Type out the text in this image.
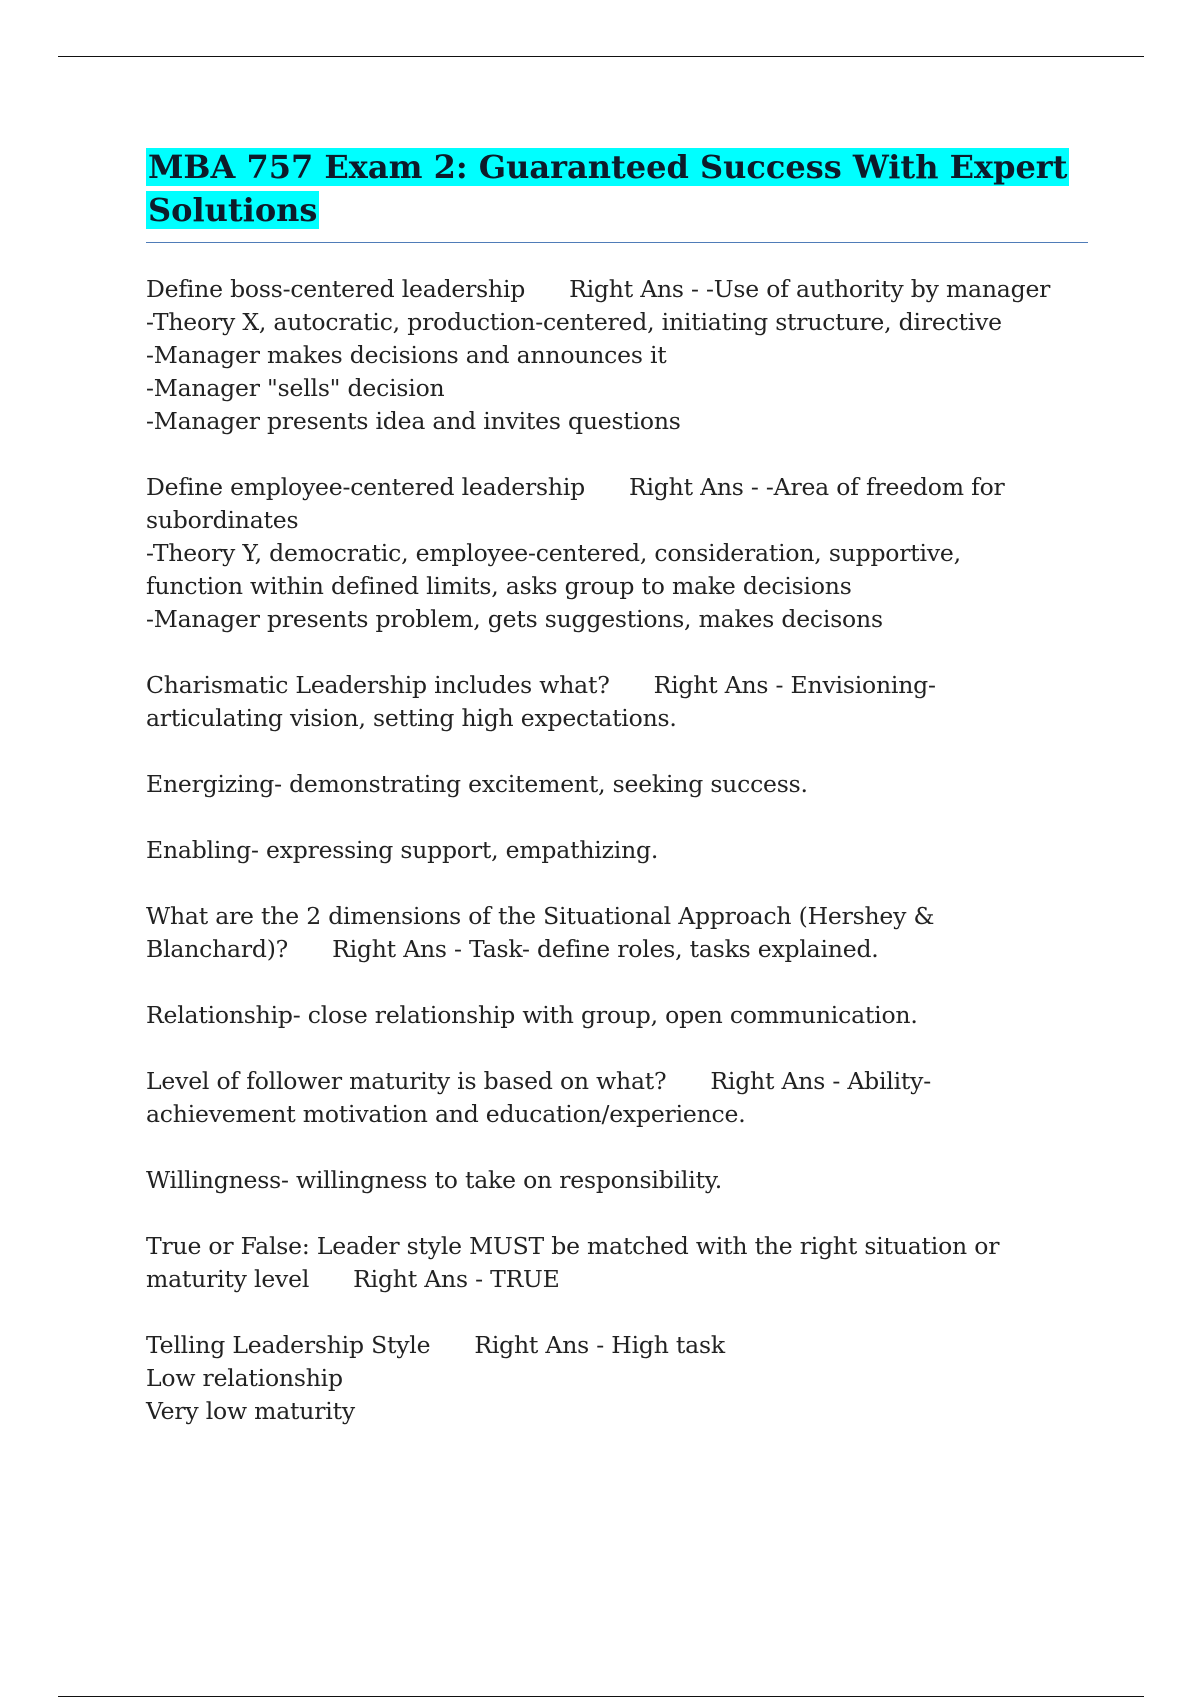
MBA 757 Exam 2: Guaranteed Success With Expert
Solutions
Define boss-centered leadership Right Ans - -Use of authority by manager

-Theory X, autocratic, production-centered, initiating structure, directive
-Manager makes decisions and announces it
-Manager "sells" decision
-Manager presents idea and invites questions
Define employee-centered leadership Right Ans - -Area of freedom for

subordinates
-Theory Y, democratic, employee-centered, consideration, supportive,
function within defined limits, asks group to make decisions
-Manager presents problem, gets suggestions, makes decisons
Charismatic Leadership includes what? Right Ans - Envisioning-

articulating vision, setting high expectations.
Energizing- demonstrating excitement, seeking success.
Enabling- expressing support, empathizing.
What are the 2 dimensions of the Situational Approach (Hershey &
Blanchard)? Right Ans - Task- define roles, tasks explained.
Relationship- close relationship with group, open communication.
Level of follower maturity is based on what? Right Ans - Ability-

achievement motivation and education/experience.
Willingness- willingness to take on responsibility.
True or False: Leader style MUST be matched with the right situation or
maturity level Right Ans - TRUE
Telling Leadership Style Right Ans - High task

Low relationship
Very low maturity
